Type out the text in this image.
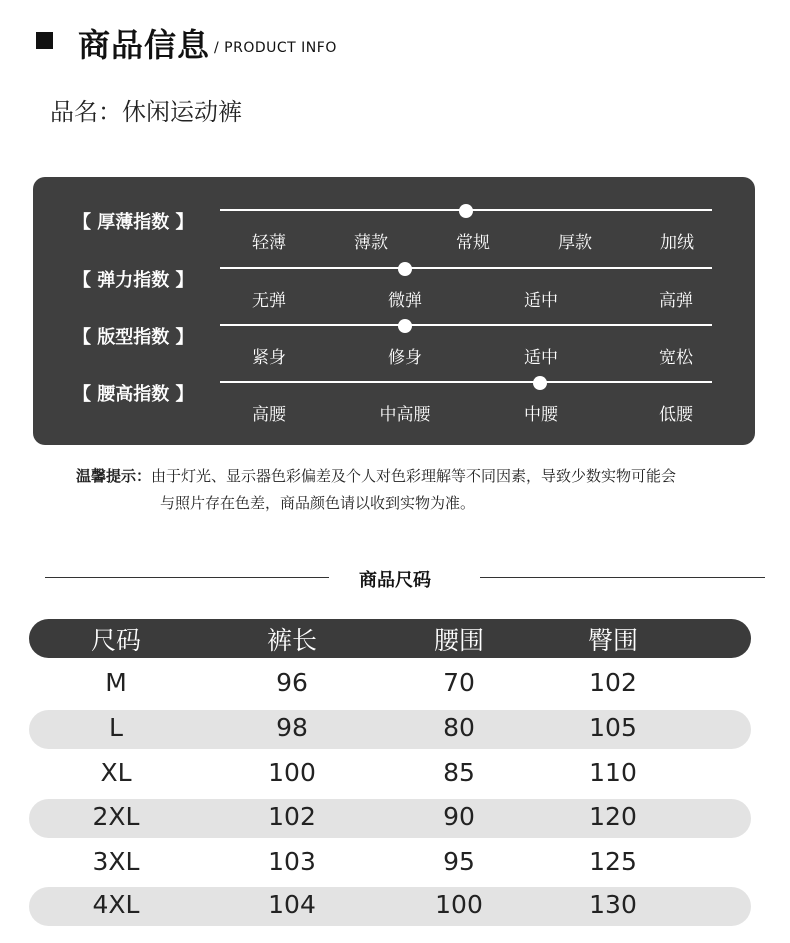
商品信息 / PRODUCT INFO
品名：休闲运动裤
【 厚薄指数 】
轻薄	薄款	常规	厚款	加绒
【 弹力指数 】
无弹	微弹	适中	高弹
【 版型指数 】
紧身	修身	适中	宽松
【 腰高指数 】
高腰	中高腰	中腰	低腰
温馨提示：由于灯光、显示器色彩偏差及个人对色彩理解等不同因素，导致少数实物可能会
与照片存在色差，商品颜色请以收到实物为准。
商品尺码
尺码	裤长	腰围	臀围
M	96	70	102
L	98	80	105
XL	100	85	110
2XL	102	90	120
3XL	103	95	125
4XL	104	100	130
